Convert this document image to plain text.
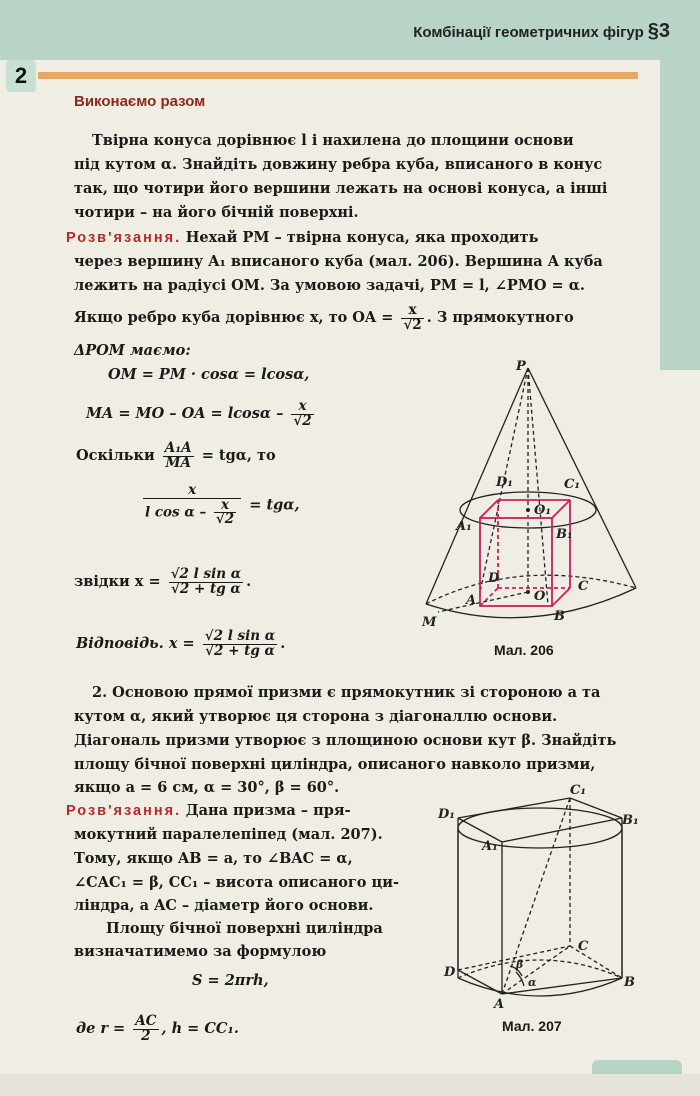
Комбінації геометричних фігур §3
2
Виконаємо разом
Твірна конуса дорівнює l і нахилена до площини основи
під кутом α. Знайдіть довжину ребра куба, вписаного в конус
так, що чотири його вершини лежать на основі конуса, а інші
чотири – на його бічній поверхні.
Розв'язання. Нехай PM – твірна конуса, яка проходить
через вершину A₁ вписаного куба (мал. 206). Вершина A куба
лежить на радіусі OM. За умовою задачі, PM = l, ∠PMO = α.
Якщо ребро куба дорівнює x, то OA = $\frac{x}{√2}$ . З прямокутного
ΔPOM маємо:
OM = PM · cosα = lcosα,
MA = MO – OA = lcosα – $\frac{x}{√2}$
Оскільки $\frac{\text{A₁A}}{MA} = tg\alpha$, то
$\frac{x}{l \cos \alpha - \frac{x}{√2}} = tg\alpha$,
звідки $x = \frac{\text{√2 l sin α}}{\text{√2 + tg α}}$ .
Відповідь. $x = \frac{\text{√2 l sin α}}{\text{√2 + tg α}}$ .
P
D₁	C₁
O₁
B₁
A₁
D
C
O
B
A
M
Мал. 206
2. Основою прямої призми є прямокутник зі стороною a та
кутом α, який утворює ця сторона з діагоналлю основи.
Діагональ призми утворює з площиною основи кут β. Знайдіть
площу бічної поверхні циліндра, описаного навколо призми,
якщо a = 6 см, α = 30°, β = 60°.
Розв'язання. Дана призма – пря-
мокутний паралелепіпед (мал. 207).
Тому, якщо AB = a, то ∠BAC = α,
∠CAC₁ = β, CC₁ – висота описаного ци-
ліндра, а AC – діаметр його основи.
Площу бічної поверхні циліндра
визначатимемо за формулою
S = 2πrh,
де $r = \frac{AC}{2}$ , h = CC₁.
C₁
D₁	B₁
A₁
C
D
β
α	B
A
Мал. 207
